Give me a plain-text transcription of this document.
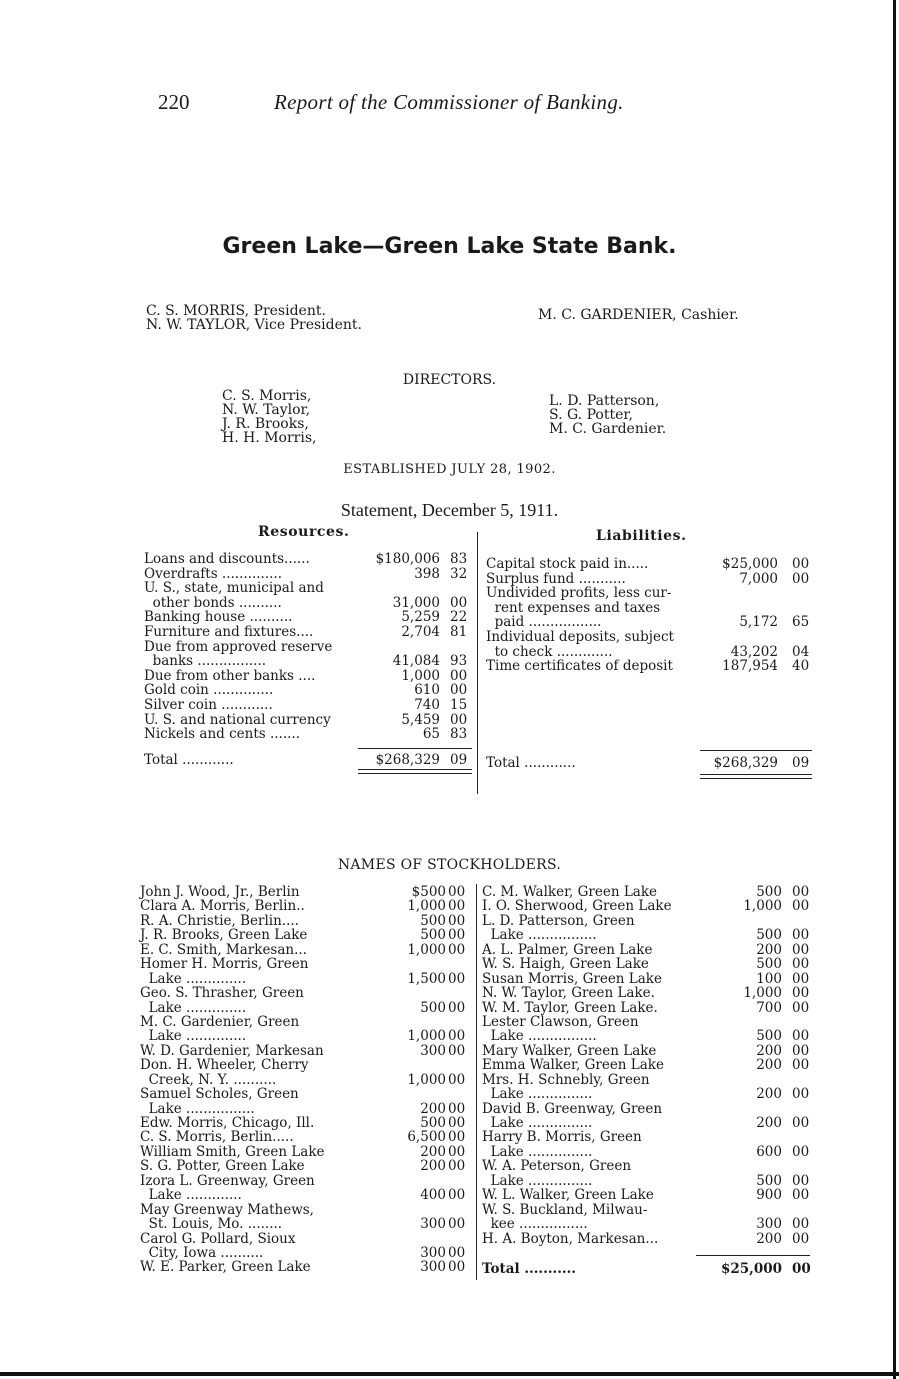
220	Report of the Commissioner of Banking.
Green Lake—Green Lake State Bank.
C. S. MORRIS, President.
N. W. TAYLOR, Vice President.
M. C. GARDENIER, Cashier.
DIRECTORS.
C. S. Morris,
N. W. Taylor,
J. R. Brooks,
H. H. Morris,
L. D. Patterson,
S. G. Potter,
M. C. Gardenier.
ESTABLISHED JULY 28, 1902.
Statement, December 5, 1911.
Resources.	Liabilities.
Loans and discounts......	$180,006 83
Overdrafts ..............	398 32
U. S., state, municipal and
other bonds ..........	31,000 00
Banking house ..........	5,259 22
Furniture and fixtures....	2,704 81
Due from approved reserve
banks ................	41,084 93
Due from other banks ....	1,000 00
Gold coin ..............	610 00
Silver coin ............	740 15
U. S. and national currency	5,459 00
Nickels and cents .......	65 83
Total ............	$268,329 09
Capital stock paid in.....	$25,000 00
Surplus fund ...........	7,000 00
Undivided profits, less cur-
rent expenses and taxes
paid .................	5,172 65
Individual deposits, subject
to check .............	43,202 04
Time certificates of deposit	187,954 40
Total ............	$268,329 09
NAMES OF STOCKHOLDERS.
John J. Wood, Jr., Berlin	$500 00
Clara A. Morris, Berlin..	1,000 00
R. A. Christie, Berlin....	500 00
J. R. Brooks, Green Lake	500 00
E. C. Smith, Markesan...	1,000 00
Homer H. Morris, Green
Lake ..............	1,500 00
Geo. S. Thrasher, Green
Lake ..............	500 00
M. C. Gardenier, Green
Lake ..............	1,000 00
W. D. Gardenier, Markesan	300 00
Don. H. Wheeler, Cherry
Creek, N. Y. ..........	1,000 00
Samuel Scholes, Green
Lake ................	200 00
Edw. Morris, Chicago, Ill.	500 00
C. S. Morris, Berlin.....	6,500 00
William Smith, Green Lake	200 00
S. G. Potter, Green Lake	200 00
Izora L. Greenway, Green
Lake .............	400 00
May Greenway Mathews,
St. Louis, Mo. ........	300 00
Carol G. Pollard, Sioux
City, Iowa ..........	300 00
W. E. Parker, Green Lake	300 00
C. M. Walker, Green Lake	500 00
I. O. Sherwood, Green Lake	1,000 00
L. D. Patterson, Green
Lake ................	500 00
A. L. Palmer, Green Lake	200 00
W. S. Haigh, Green Lake	500 00
Susan Morris, Green Lake	100 00
N. W. Taylor, Green Lake.	1,000 00
W. M. Taylor, Green Lake.	700 00
Lester Clawson, Green
Lake ................	500 00
Mary Walker, Green Lake	200 00
Emma Walker, Green Lake	200 00
Mrs. H. Schnebly, Green
Lake ...............	200 00
David B. Greenway, Green
Lake ...............	200 00
Harry B. Morris, Green
Lake ...............	600 00
W. A. Peterson, Green
Lake ...............	500 00
W. L. Walker, Green Lake	900 00
W. S. Buckland, Milwau-
kee ................	300 00
H. A. Boyton, Markesan...	200 00
Total ...........	$25,000 00
